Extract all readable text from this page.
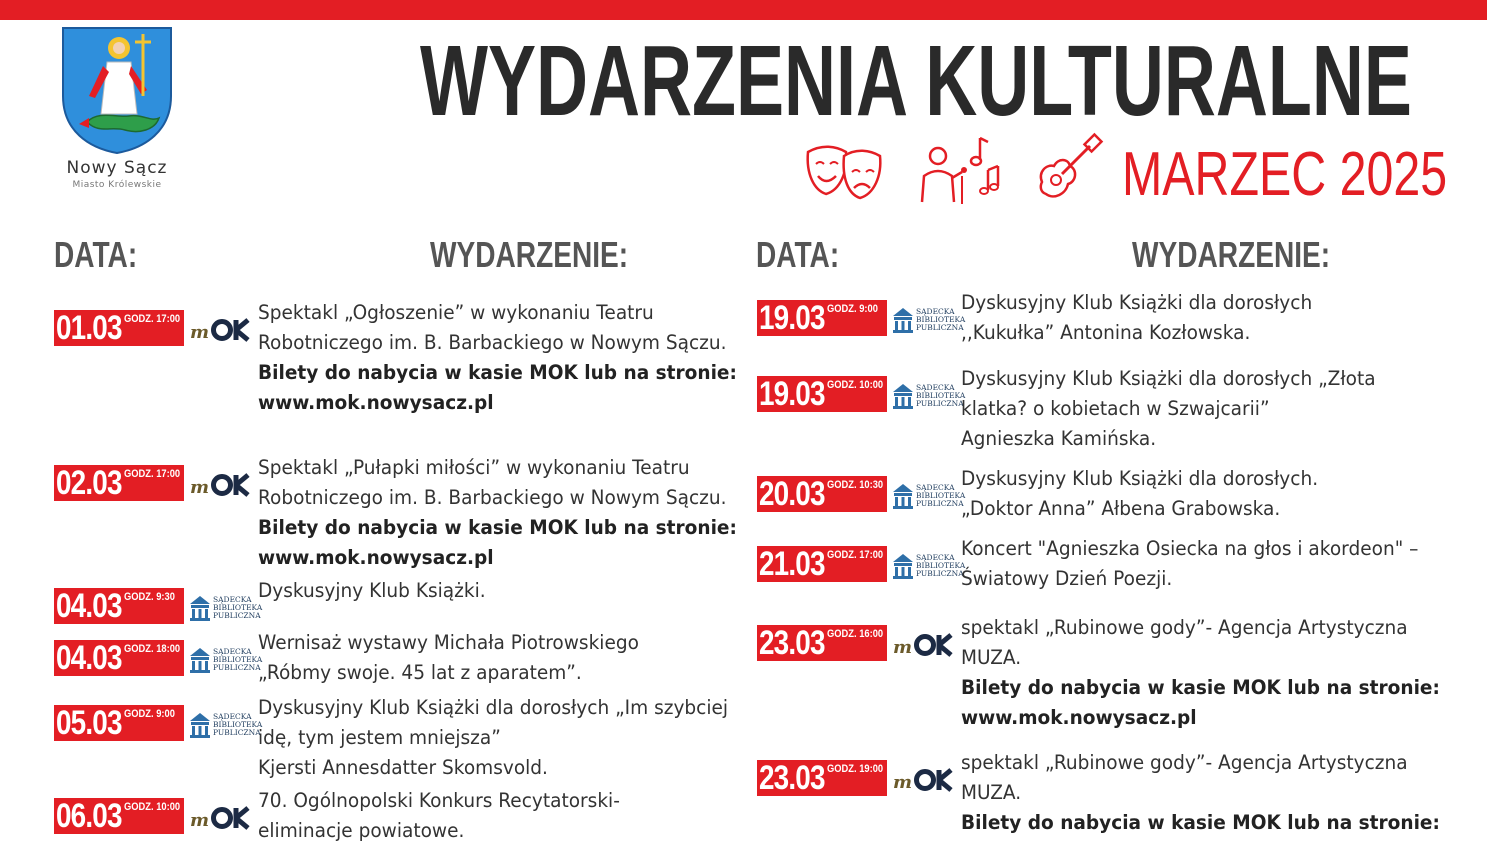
Nowy Sącz
Miasto Królewskie
WYDARZENIA KULTURALNE
MARZEC 2025
DATA:	WYDARZENIE:	DATA:	WYDARZENIE:
01.03 GODZ. 17:00
m
Spektakl „Ogłoszenie” w wykonaniu Teatru
Robotniczego im. B. Barbackiego w Nowym Sączu.
Bilety do nabycia w kasie MOK lub na stronie:
www.mok.nowysacz.pl
02.03 GODZ. 17:00
m
Spektakl „Pułapki miłości” w wykonaniu Teatru
Robotniczego im. B. Barbackiego w Nowym Sączu.
Bilety do nabycia w kasie MOK lub na stronie:
www.mok.nowysacz.pl
04.03 GODZ. 9:30	SĄDECKA
BIBLIOTEKA
PUBLICZNA
Dyskusyjny Klub Książki.
04.03 GODZ. 18:00	SĄDECKA
BIBLIOTEKA
PUBLICZNA
Wernisaż wystawy Michała Piotrowskiego
„Róbmy swoje. 45 lat z aparatem”.
05.03 GODZ. 9:00	SĄDECKA
BIBLIOTEKA
PUBLICZNA
Dyskusyjny Klub Książki dla dorosłych „Im szybciej
idę, tym jestem mniejsza”
Kjersti Annesdatter Skomsvold.
06.03 GODZ. 10:00
m
70. Ogólnopolski Konkurs Recytatorski-
eliminacje powiatowe.
19.03 GODZ. 9:00	SĄDECKA
BIBLIOTEKA
PUBLICZNA
Dyskusyjny Klub Książki dla dorosłych
,,Kukułka” Antonina Kozłowska.
19.03 GODZ. 10:00	SĄDECKA
BIBLIOTEKA
PUBLICZNA
Dyskusyjny Klub Książki dla dorosłych „Złota
klatka? o kobietach w Szwajcarii”
Agnieszka Kamińska.
20.03 GODZ. 10:30	SĄDECKA
BIBLIOTEKA
PUBLICZNA
Dyskusyjny Klub Książki dla dorosłych.
„Doktor Anna” Ałbena Grabowska.
21.03 GODZ. 17:00	SĄDECKA
BIBLIOTEKA
PUBLICZNA
Koncert "Agnieszka Osiecka na głos i akordeon" –
Światowy Dzień Poezji.
23.03 GODZ. 16:00
m
spektakl „Rubinowe gody”- Agencja Artystyczna
MUZA.
Bilety do nabycia w kasie MOK lub na stronie:
www.mok.nowysacz.pl
23.03 GODZ. 19:00
m
spektakl „Rubinowe gody”- Agencja Artystyczna
MUZA.
Bilety do nabycia w kasie MOK lub na stronie:
